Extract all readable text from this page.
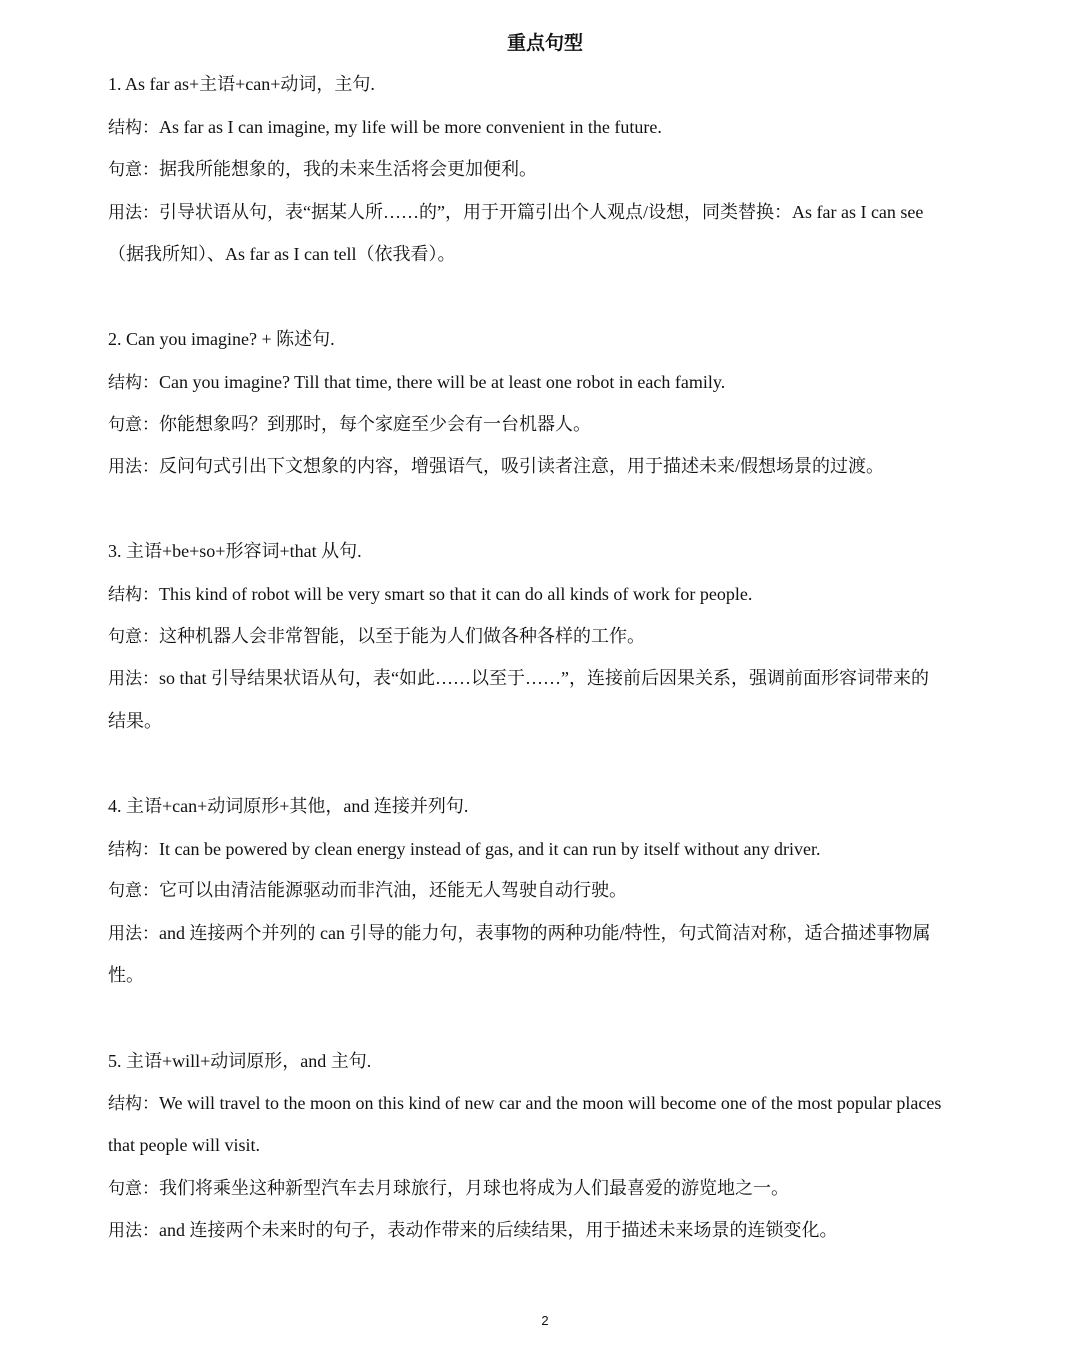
重点句型
1. As far as+主语+can+动词，主句.
结构：As far as I can imagine, my life will be more convenient in the future.
句意：据我所能想象的，我的未来生活将会更加便利。
用法：引导状语从句，表“据某人所……的”，用于开篇引出个人观点/设想，同类替换：As far as I can see
（据我所知）、As far as I can tell（依我看）。
2. Can you imagine? + 陈述句.
结构：Can you imagine? Till that time, there will be at least one robot in each family.
句意：你能想象吗？到那时，每个家庭至少会有一台机器人。
用法：反问句式引出下文想象的内容，增强语气，吸引读者注意，用于描述未来/假想场景的过渡。
3. 主语+be+so+形容词+that 从句.
结构：This kind of robot will be very smart so that it can do all kinds of work for people.
句意：这种机器人会非常智能，以至于能为人们做各种各样的工作。
用法：so that 引导结果状语从句，表“如此……以至于……”，连接前后因果关系，强调前面形容词带来的
结果。
4. 主语+can+动词原形+其他，and 连接并列句.
结构：It can be powered by clean energy instead of gas, and it can run by itself without any driver.
句意：它可以由清洁能源驱动而非汽油，还能无人驾驶自动行驶。
用法：and 连接两个并列的 can 引导的能力句，表事物的两种功能/特性，句式简洁对称，适合描述事物属
性。
5. 主语+will+动词原形，and 主句.
结构：We will travel to the moon on this kind of new car and the moon will become one of the most popular places
that people will visit.
句意：我们将乘坐这种新型汽车去月球旅行，月球也将成为人们最喜爱的游览地之一。
用法：and 连接两个未来时的句子，表动作带来的后续结果，用于描述未来场景的连锁变化。
2
